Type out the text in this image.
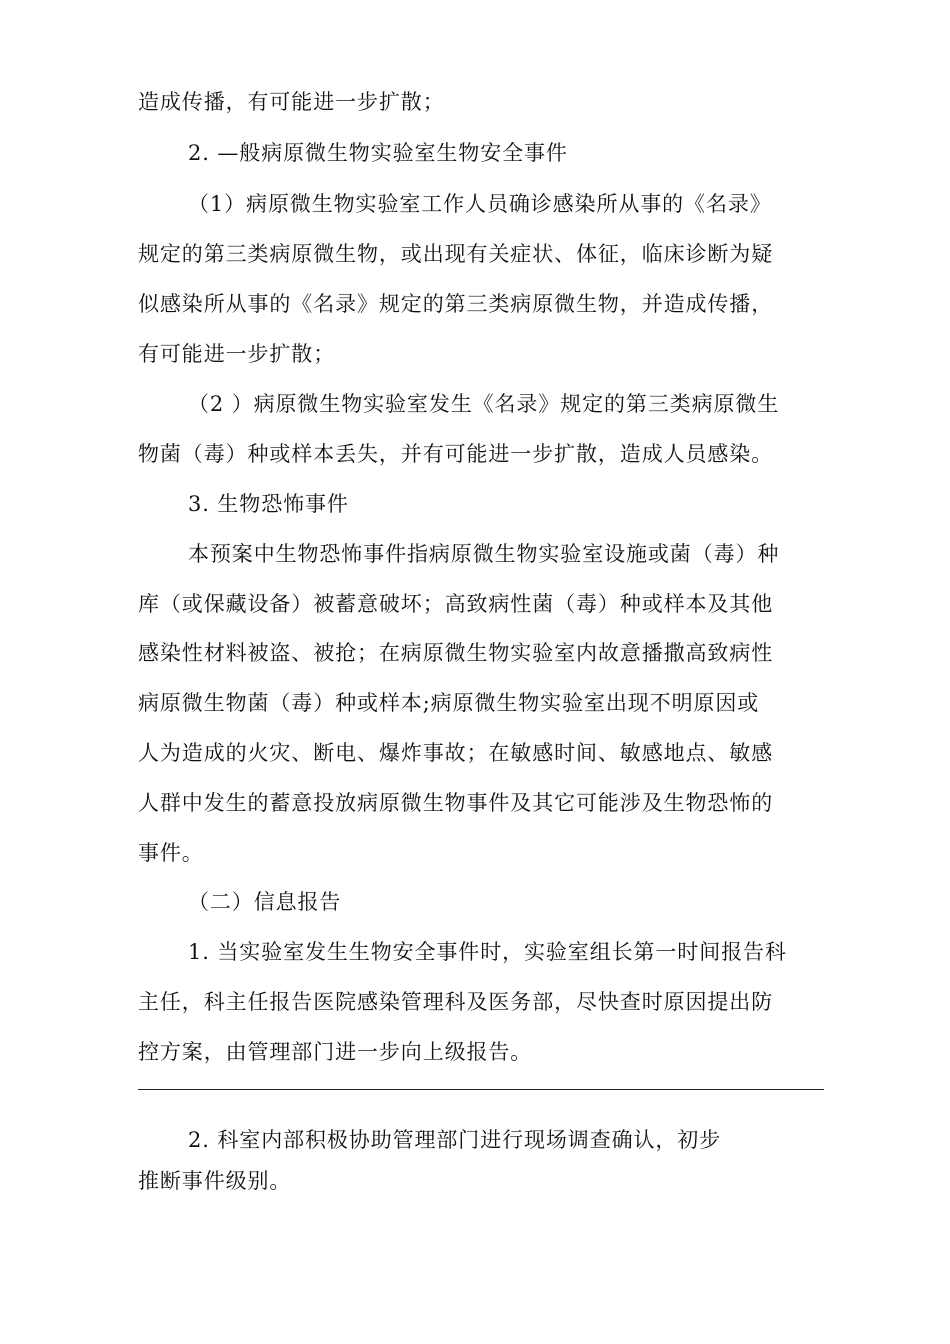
造成传播，有可能进一步扩散；
2. —般病原微生物实验室生物安全事件
（1）病原微生物实验室工作人员确诊感染所从事的《名录》
规定的第三类病原微生物，或出现有关症状、体征，临床诊断为疑
似感染所从事的《名录》规定的第三类病原微生物，并造成传播，
有可能进一步扩散；
（2 ）病原微生物实验室发生《名录》规定的第三类病原微生
物菌（毒）种或样本丢失，并有可能进一步扩散，造成人员感染。
3. 生物恐怖事件
本预案中生物恐怖事件指病原微生物实验室设施或菌（毒）种
库（或保藏设备）被蓄意破坏；高致病性菌（毒）种或样本及其他
感染性材料被盗、被抢；在病原微生物实验室内故意播撒高致病性
病原微生物菌（毒）种或样本;病原微生物实验室出现不明原因或
人为造成的火灾、断电、爆炸事故；在敏感时间、敏感地点、敏感
人群中发生的蓄意投放病原微生物事件及其它可能涉及生物恐怖的
事件。
（二）信息报告
1. 当实验室发生生物安全事件时，实验室组长第一时间报告科
主任，科主任报告医院感染管理科及医务部，尽快查时原因提出防
控方案，由管理部门进一步向上级报告。
2. 科室内部积极协助管理部门进行现场调查确认，初步
推断事件级别。
